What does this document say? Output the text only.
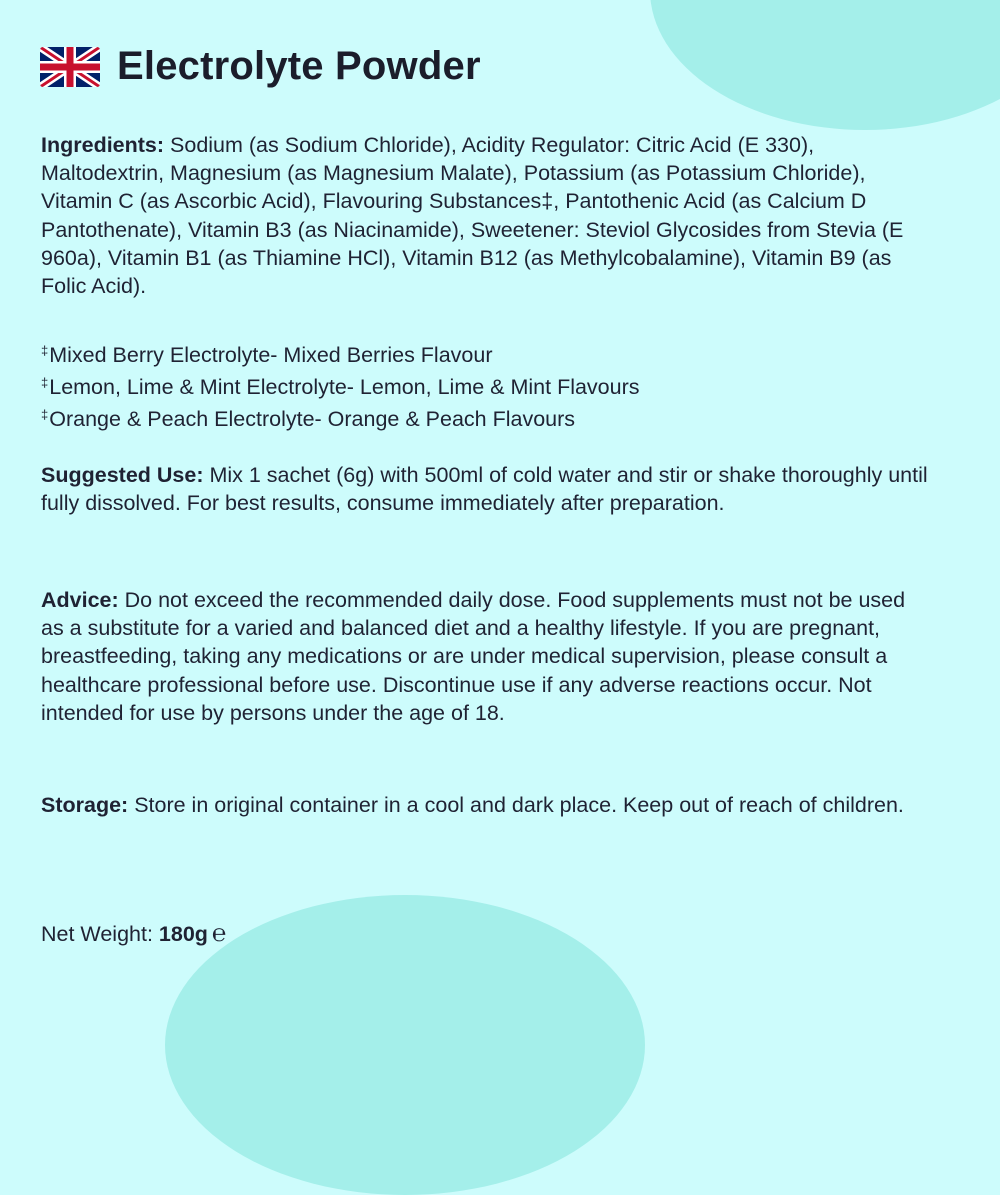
Electrolyte Powder

Ingredients: Sodium (as Sodium Chloride), Acidity Regulator: Citric Acid (E 330), Maltodextrin, Magnesium (as Magnesium Malate), Potassium (as Potassium Chloride), Vitamin C (as Ascorbic Acid), Flavouring Substances‡, Pantothenic Acid (as Calcium D Pantothenate), Vitamin B3 (as Niacinamide), Sweetener: Steviol Glycosides from Stevia (E 960a), Vitamin B1 (as Thiamine HCl), Vitamin B12 (as Methylcobalamine), Vitamin B9 (as Folic Acid).

‡Mixed Berry Electrolyte- Mixed Berries Flavour

‡Lemon, Lime & Mint Electrolyte- Lemon, Lime & Mint Flavours

‡Orange & Peach Electrolyte- Orange & Peach Flavours

Suggested Use: Mix 1 sachet (6g) with 500ml of cold water and stir or shake thoroughly until fully dissolved. For best results, consume immediately after preparation.

Advice: Do not exceed the recommended daily dose. Food supplements must not be used as a substitute for a varied and balanced diet and a healthy lifestyle. If you are pregnant, breastfeeding, taking any medications or are under medical supervision, please consult a healthcare professional before use. Discontinue use if any adverse reactions occur. Not intended for use by persons under the age of 18.

Storage: Store in original container in a cool and dark place. Keep out of reach of children.

Net Weight: 180g ℮
